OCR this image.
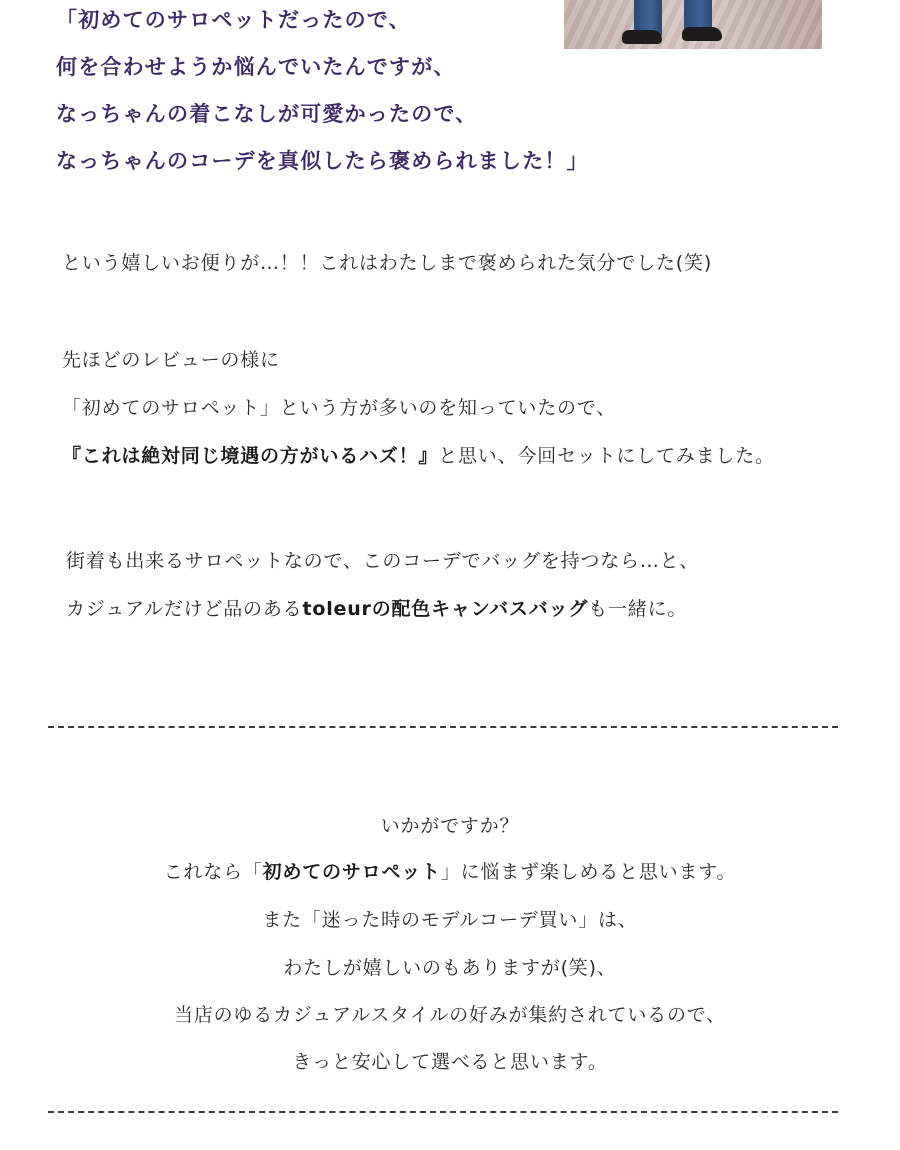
「初めてのサロペットだったので、
何を合わせようか悩んでいたんですが、
なっちゃんの着こなしが可愛かったので、
なっちゃんのコーデを真似したら褒められました！」
という嬉しいお便りが…！！これはわたしまで褒められた気分でした(笑)
先ほどのレビューの様に
「初めてのサロペット」という方が多いのを知っていたので、
『これは絶対同じ境遇の方がいるハズ！』と思い、今回セットにしてみました。
街着も出来るサロペットなので、このコーデでバッグを持つなら…と、
カジュアルだけど品のあるtoleurの配色キャンバスバッグも一緒に。
いかがですか？
これなら「初めてのサロペット」に悩まず楽しめると思います。
また「迷った時のモデルコーデ買い」は、
わたしが嬉しいのもありますが(笑)、
当店のゆるカジュアルスタイルの好みが集約されているので、
きっと安心して選べると思います。
